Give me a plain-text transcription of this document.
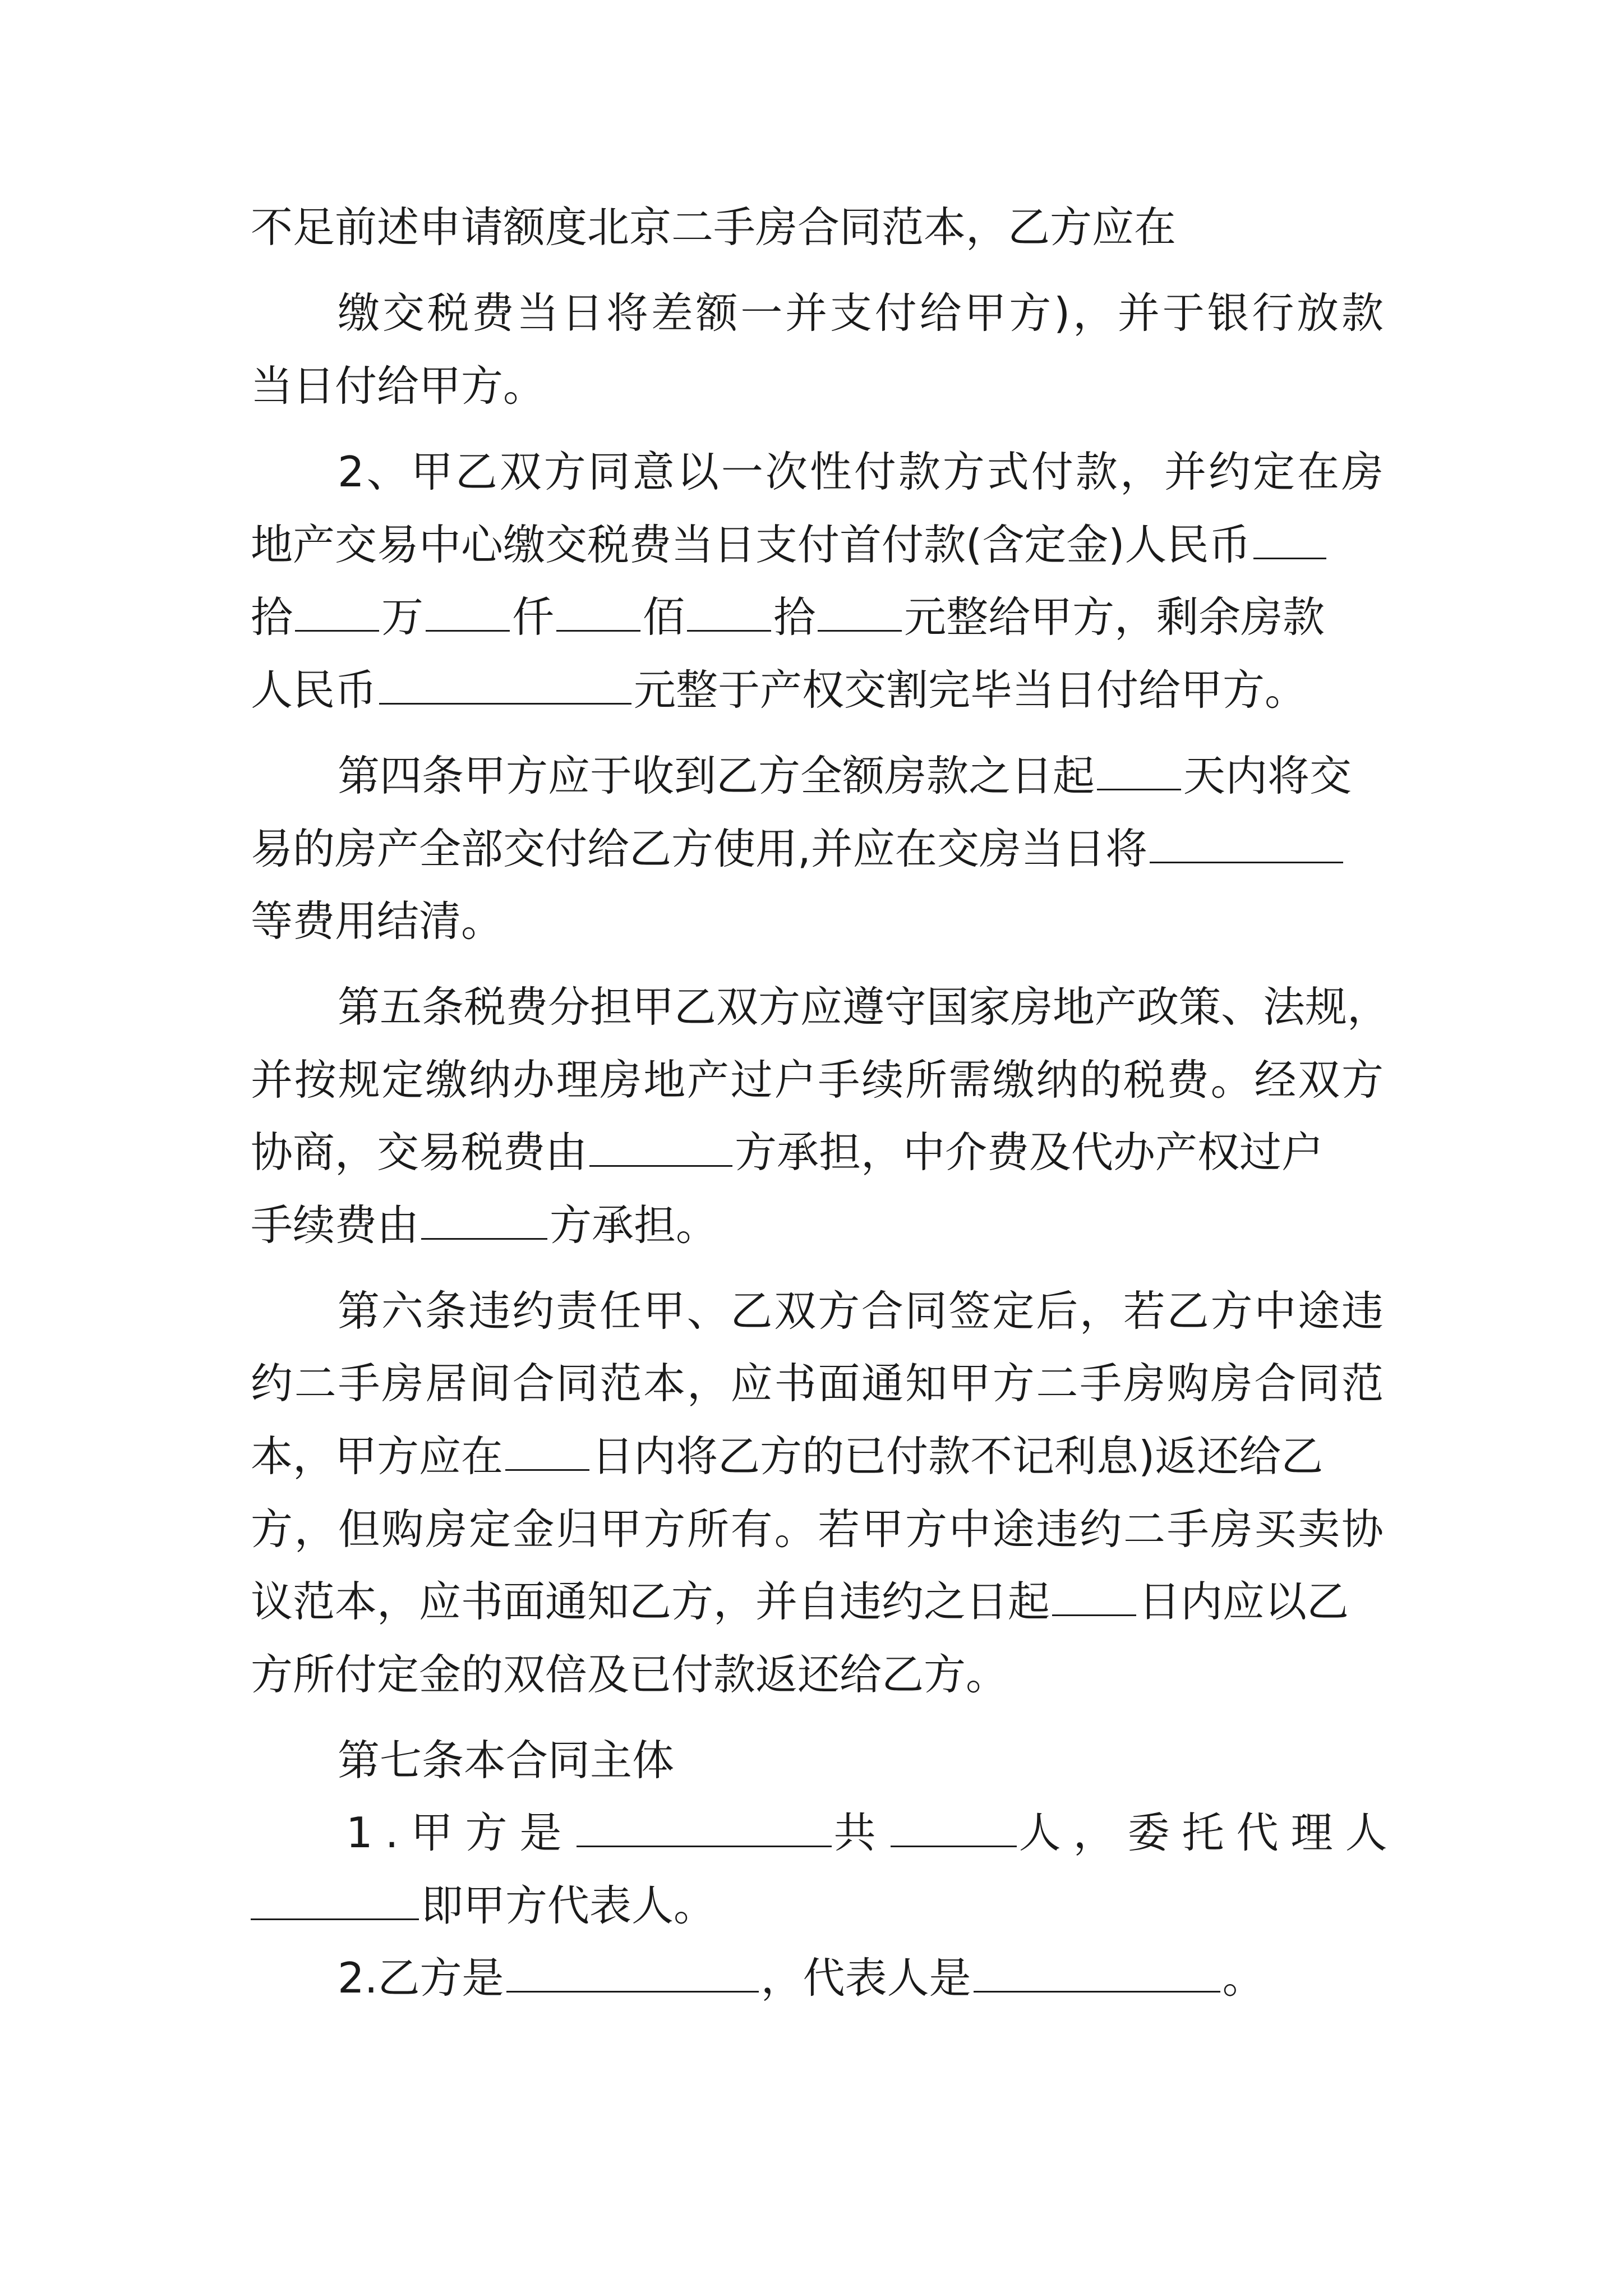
不足前述申请额度北京二手房合同范本，乙方应在
缴交税费当日将差额一并支付给甲方)，并于银行放款
当日付给甲方。
2、甲乙双方同意以一次性付款方式付款，并约定在房
地产交易中心缴交税费当日支付首付款(含定金)人民币
拾 万 仟 佰 拾 元整给甲方，剩余房款
人民币	元整于产权交割完毕当日付给甲方。
第四条甲方应于收到乙方全额房款之日起 天内将交
易的房产全部交付给乙方使用,并应在交房当日将
等费用结清。
第五条税费分担甲乙双方应遵守国家房地产政策、法规，
并按规定缴纳办理房地产过户手续所需缴纳的税费。经双方
协商，交易税费由	方承担，中介费及代办产权过户
手续费由	方承担。
第六条违约责任甲、乙双方合同签定后，若乙方中途违
约二手房居间合同范本，应书面通知甲方二手房购房合同范
本，甲方应在 日内将乙方的已付款不记利息)返还给乙
方，但购房定金归甲方所有。若甲方中途违约二手房买卖协
议范本，应书面通知乙方，并自违约之日起 日内应以乙
方所付定金的双倍及已付款返还给乙方。
第七条本合同主体
1.甲方是	共	人，委托代理人
即甲方代表人。
2.乙方是	，代表人是	。
